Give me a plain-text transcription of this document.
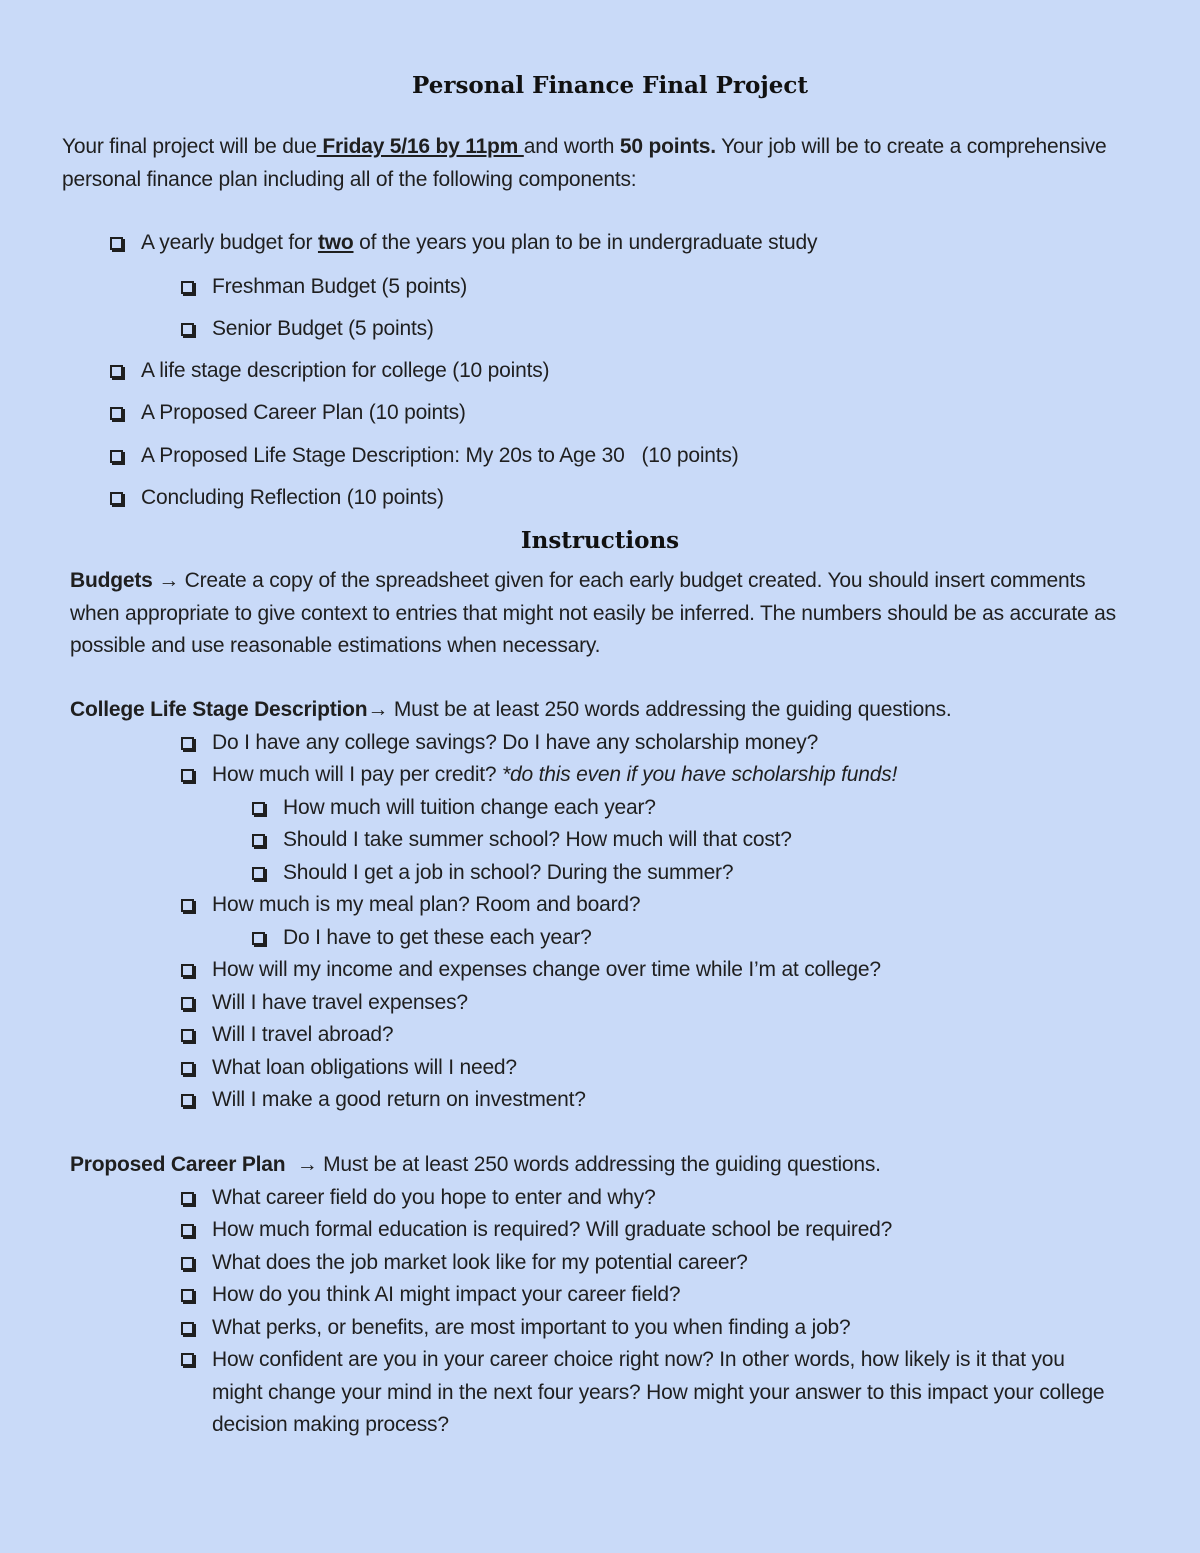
Personal Finance Final Project
Your final project will be due Friday 5/16 by 11pm and worth 50 points. Your job will be to create a comprehensive personal finance plan including all of the following components:
A yearly budget for two of the years you plan to be in undergraduate study
Freshman Budget (5 points)
Senior Budget (5 points)
A life stage description for college (10 points)
A Proposed Career Plan (10 points)
A Proposed Life Stage Description: My 20s to Age 30   (10 points)
Concluding Reflection (10 points)
Instructions
Budgets → Create a copy of the spreadsheet given for each early budget created. You should insert comments when appropriate to give context to entries that might not easily be inferred. The numbers should be as accurate as possible and use reasonable estimations when necessary.
College Life Stage Description→ Must be at least 250 words addressing the guiding questions.
Do I have any college savings? Do I have any scholarship money?
How much will I pay per credit? *do this even if you have scholarship funds!
How much will tuition change each year?
Should I take summer school? How much will that cost?
Should I get a job in school? During the summer?
How much is my meal plan? Room and board?
Do I have to get these each year?
How will my income and expenses change over time while I’m at college?
Will I have travel expenses?
Will I travel abroad?
What loan obligations will I need?
Will I make a good return on investment?
Proposed Career Plan  → Must be at least 250 words addressing the guiding questions.
What career field do you hope to enter and why?
How much formal education is required? Will graduate school be required?
What does the job market look like for my potential career?
How do you think AI might impact your career field?
What perks, or benefits, are most important to you when finding a job?
How confident are you in your career choice right now? In other words, how likely is it that you might change your mind in the next four years? How might your answer to this impact your college decision making process?
